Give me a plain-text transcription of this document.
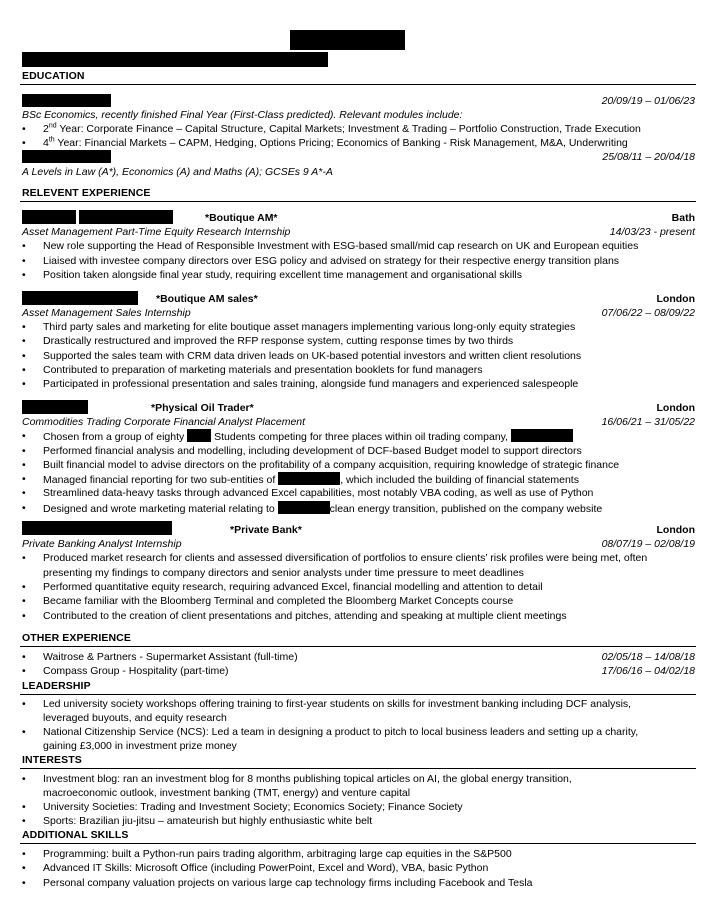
EDUCATION
20/09/19 – 01/06/23
BSc Economics, recently finished Final Year (First-Class predicted). Relevant modules include:
• 2nd Year: Corporate Finance – Capital Structure, Capital Markets; Investment & Trading – Portfolio Construction, Trade Execution
• 4th Year: Financial Markets – CAPM, Hedging, Options Pricing; Economics of Banking - Risk Management, M&A, Underwriting
25/08/11 – 20/04/18
A Levels in Law (A*), Economics (A) and Maths (A); GCSEs 9 A*-A
RELEVENT EXPERIENCE
*Boutique AM*	Bath
Asset Management Part-Time Equity Research Internship	14/03/23 - present
• New role supporting the Head of Responsible Investment with ESG-based small/mid cap research on UK and European equities
• Liaised with investee company directors over ESG policy and advised on strategy for their respective energy transition plans
• Position taken alongside final year study, requiring excellent time management and organisational skills
*Boutique AM sales*	London
Asset Management Sales Internship	07/06/22 – 08/09/22
• Third party sales and marketing for elite boutique asset managers implementing various long-only equity strategies
• Drastically restructured and improved the RFP response system, cutting response times by two thirds
• Supported the sales team with CRM data driven leads on UK-based potential investors and written client resolutions
• Contributed to preparation of marketing materials and presentation booklets for fund managers
• Participated in professional presentation and sales training, alongside fund managers and experienced salespeople
*Physical Oil Trader*	London
Commodities Trading Corporate Financial Analyst Placement	16/06/21 – 31/05/22
• Chosen from a group of eighty  Students competing for three places within oil trading company,
• Performed financial analysis and modelling, including development of DCF-based Budget model to support directors
• Built financial model to advise directors on the profitability of a company acquisition, requiring knowledge of strategic finance
• Managed financial reporting for two sub-entities of	, which included the building of financial statements
• Streamlined data-heavy tasks through advanced Excel capabilities, most notably VBA coding, as well as use of Python
• Designed and wrote marketing material relating to	clean energy transition, published on the company website
*Private Bank*	London
Private Banking Analyst Internship	08/07/19 – 02/08/19
• Produced market research for clients and assessed diversification of portfolios to ensure clients’ risk profiles were being met, often
presenting my findings to company directors and senior analysts under time pressure to meet deadlines
• Performed quantitative equity research, requiring advanced Excel, financial modelling and attention to detail
• Became familiar with the Bloomberg Terminal and completed the Bloomberg Market Concepts course
• Contributed to the creation of client presentations and pitches, attending and speaking at multiple client meetings
OTHER EXPERIENCE
• Waitrose & Partners - Supermarket Assistant (full-time)	02/05/18 – 14/08/18
• Compass Group - Hospitality (part-time)	17/06/16 – 04/02/18
LEADERSHIP
• Led university society workshops offering training to first-year students on skills for investment banking including DCF analysis,
leveraged buyouts, and equity research
• National Citizenship Service (NCS): Led a team in designing a product to pitch to local business leaders and setting up a charity,
gaining £3,000 in investment prize money
INTERESTS
• Investment blog: ran an investment blog for 8 months publishing topical articles on AI, the global energy transition,
macroeconomic outlook, investment banking (TMT, energy) and venture capital
• University Societies: Trading and Investment Society; Economics Society; Finance Society
• Sports: Brazilian jiu-jitsu – amateurish but highly enthusiastic white belt
ADDITIONAL SKILLS
• Programming: built a Python-run pairs trading algorithm, arbitraging large cap equities in the S&P500
• Advanced IT Skills: Microsoft Office (including PowerPoint, Excel and Word), VBA, basic Python
• Personal company valuation projects on various large cap technology firms including Facebook and Tesla
